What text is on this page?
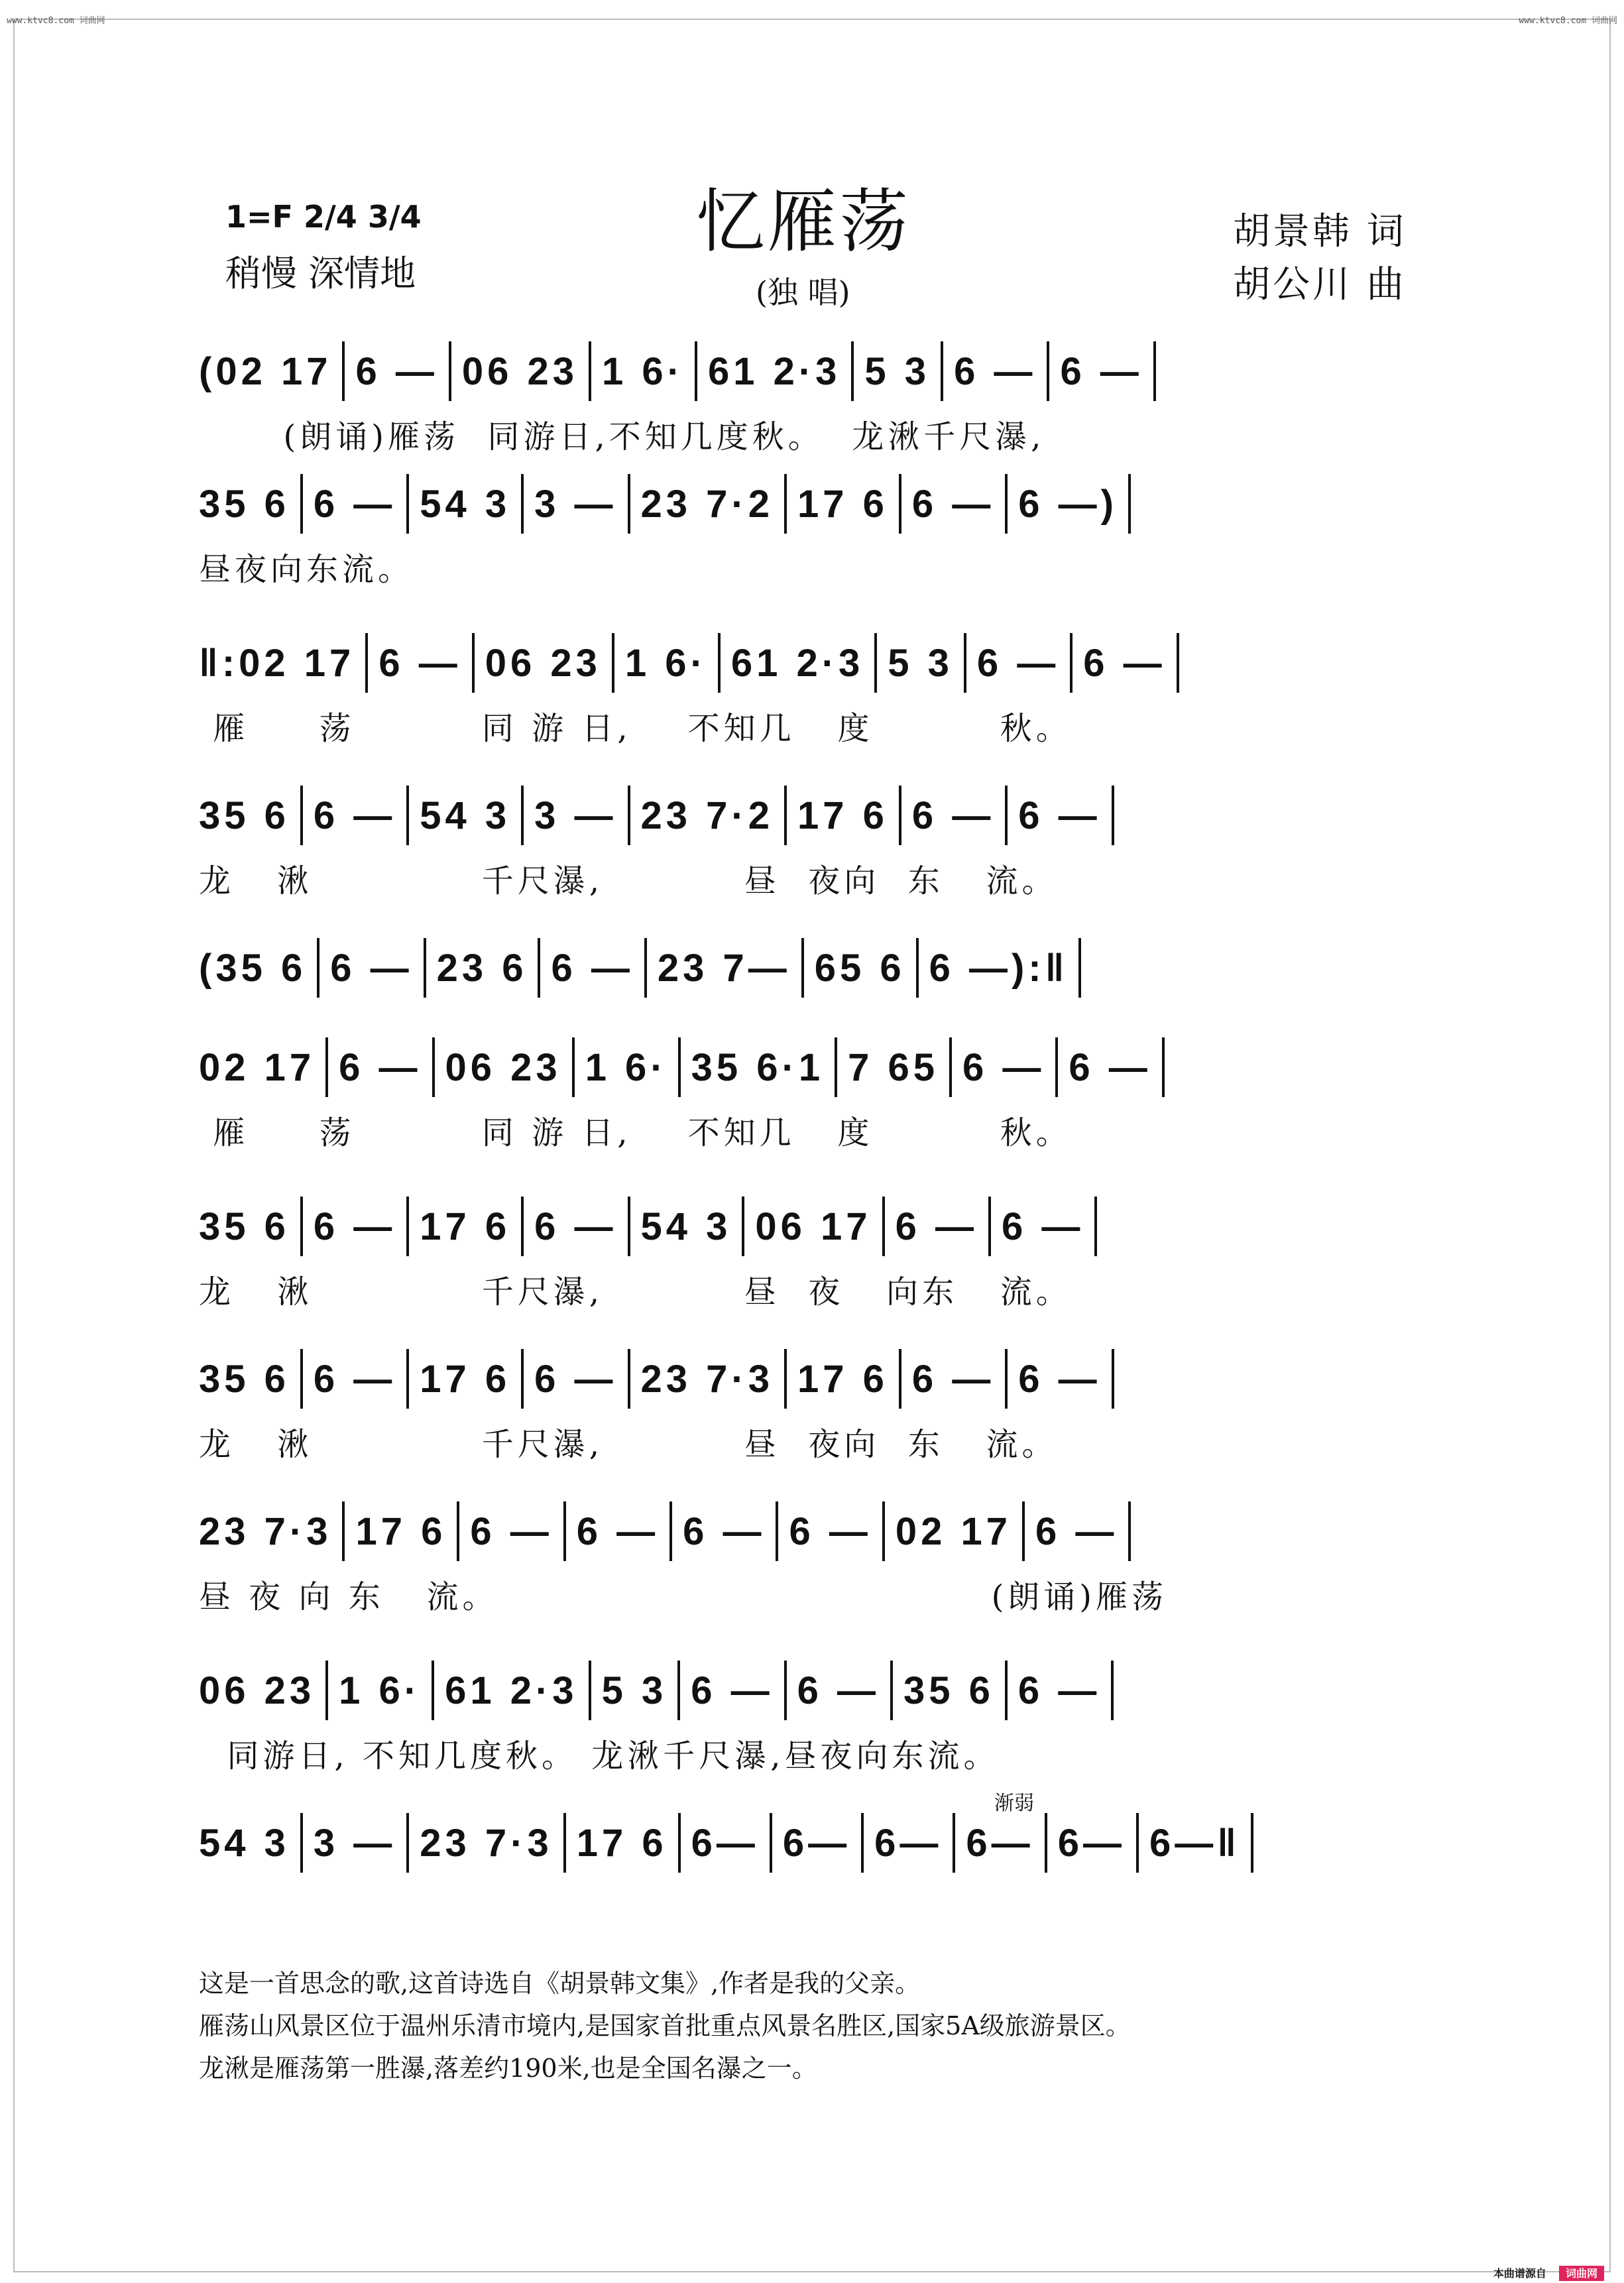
www.ktvc8.com 词曲网	www.ktvc8.com 词曲网
1=F 2/4 3/4
稍慢 深情地
忆雁荡
(独 唱)
胡景韩 词
胡公川 曲
(02 17 6 — 06 23 1 6· 61 2·3 5 3 6 — 6 —
(朗诵)雁荡  同游日,不知几度秋。  龙湫千尺瀑,
35 6 6 — 54 3 3 — 23 7·2 17 6 6 — 6 —)
昼夜向东流。
‖:02 17 6 — 06 23 1 6· 61 2·3 5 3 6 — 6 —
雁     荡         同 游 日,    不知几   度         秋。
35 6 6 — 54 3 3 — 23 7·2 17 6 6 — 6 —
龙   湫            千尺瀑,          昼  夜向  东   流。
(35 6 6 — 23 6 6 — 23 7— 65 6 6 —):‖
02 17 6 — 06 23 1 6· 35 6·1 7 65 6 — 6 —
雁     荡         同 游 日,    不知几   度         秋。
35 6 6 — 17 6 6 — 54 3 06 17 6 — 6 —
龙   湫            千尺瀑,          昼  夜   向东   流。
35 6 6 — 17 6 6 — 23 7·3 17 6 6 — 6 —
龙   湫            千尺瀑,          昼  夜向  东   流。
23 7·3 17 6 6 — 6 — 6 — 6 — 02 17 6 —
昼 夜 向 东   流。                                   (朗诵)雁荡
06 23 1 6· 61 2·3 5 3 6 — 6 — 35 6 6 —
同游日, 不知几度秋。 龙湫千尺瀑,昼夜向东流。
54 3 3 — 23 7·3 17 6 6— 6— 6— 6— 6— 6—‖
渐弱
这是一首思念的歌,这首诗选自《胡景韩文集》,作者是我的父亲。
雁荡山风景区位于温州乐清市境内,是国家首批重点风景名胜区,国家5A级旅游景区。
龙湫是雁荡第一胜瀑,落差约190米,也是全国名瀑之一。
本曲谱源自 词曲网
